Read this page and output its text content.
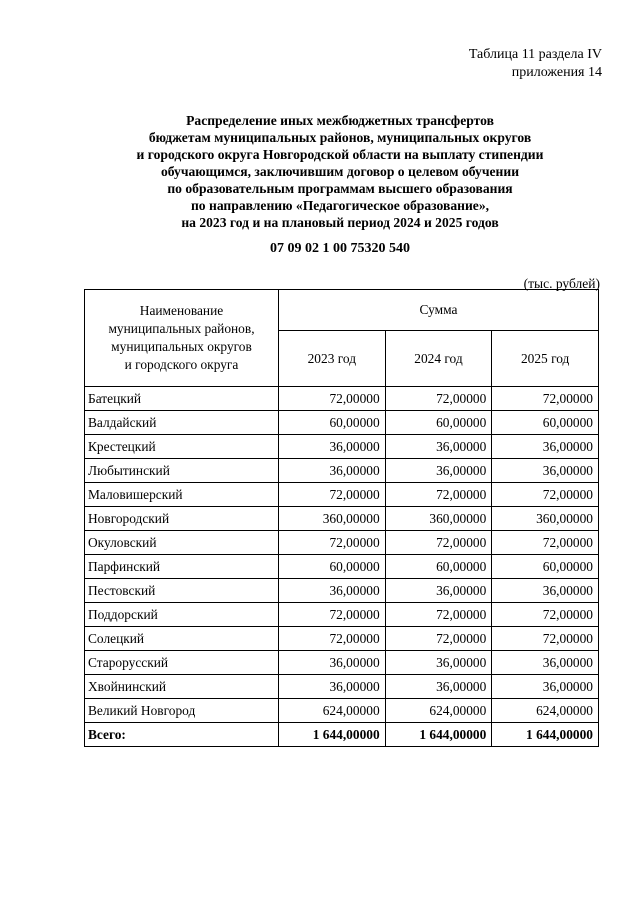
Таблица 11 раздела IV
приложения 14
Распределение иных межбюджетных трансфертов
бюджетам муниципальных районов, муниципальных округов
и городского округа Новгородской области на выплату стипендии
обучающимся, заключившим договор о целевом обучении
по образовательным программам высшего образования
по направлению «Педагогическое образование»,
на 2023 год и на плановый период 2024 и 2025 годов
07 09 02 1 00 75320 540
(тыс. рублей)
Наименование
муниципальных районов,
муниципальных округов
и городского округа	Сумма		
	2023 год	2024 год	2025 год
Батецкий	72,00000	72,00000	72,00000
Валдайский	60,00000	60,00000	60,00000
Крестецкий	36,00000	36,00000	36,00000
Любытинский	36,00000	36,00000	36,00000
Маловишерский	72,00000	72,00000	72,00000
Новгородский	360,00000	360,00000	360,00000
Окуловский	72,00000	72,00000	72,00000
Парфинский	60,00000	60,00000	60,00000
Пестовский	36,00000	36,00000	36,00000
Поддорский	72,00000	72,00000	72,00000
Солецкий	72,00000	72,00000	72,00000
Старорусский	36,00000	36,00000	36,00000
Хвойнинский	36,00000	36,00000	36,00000
Великий Новгород	624,00000	624,00000	624,00000
Всего:	1 644,00000	1 644,00000	1 644,00000
